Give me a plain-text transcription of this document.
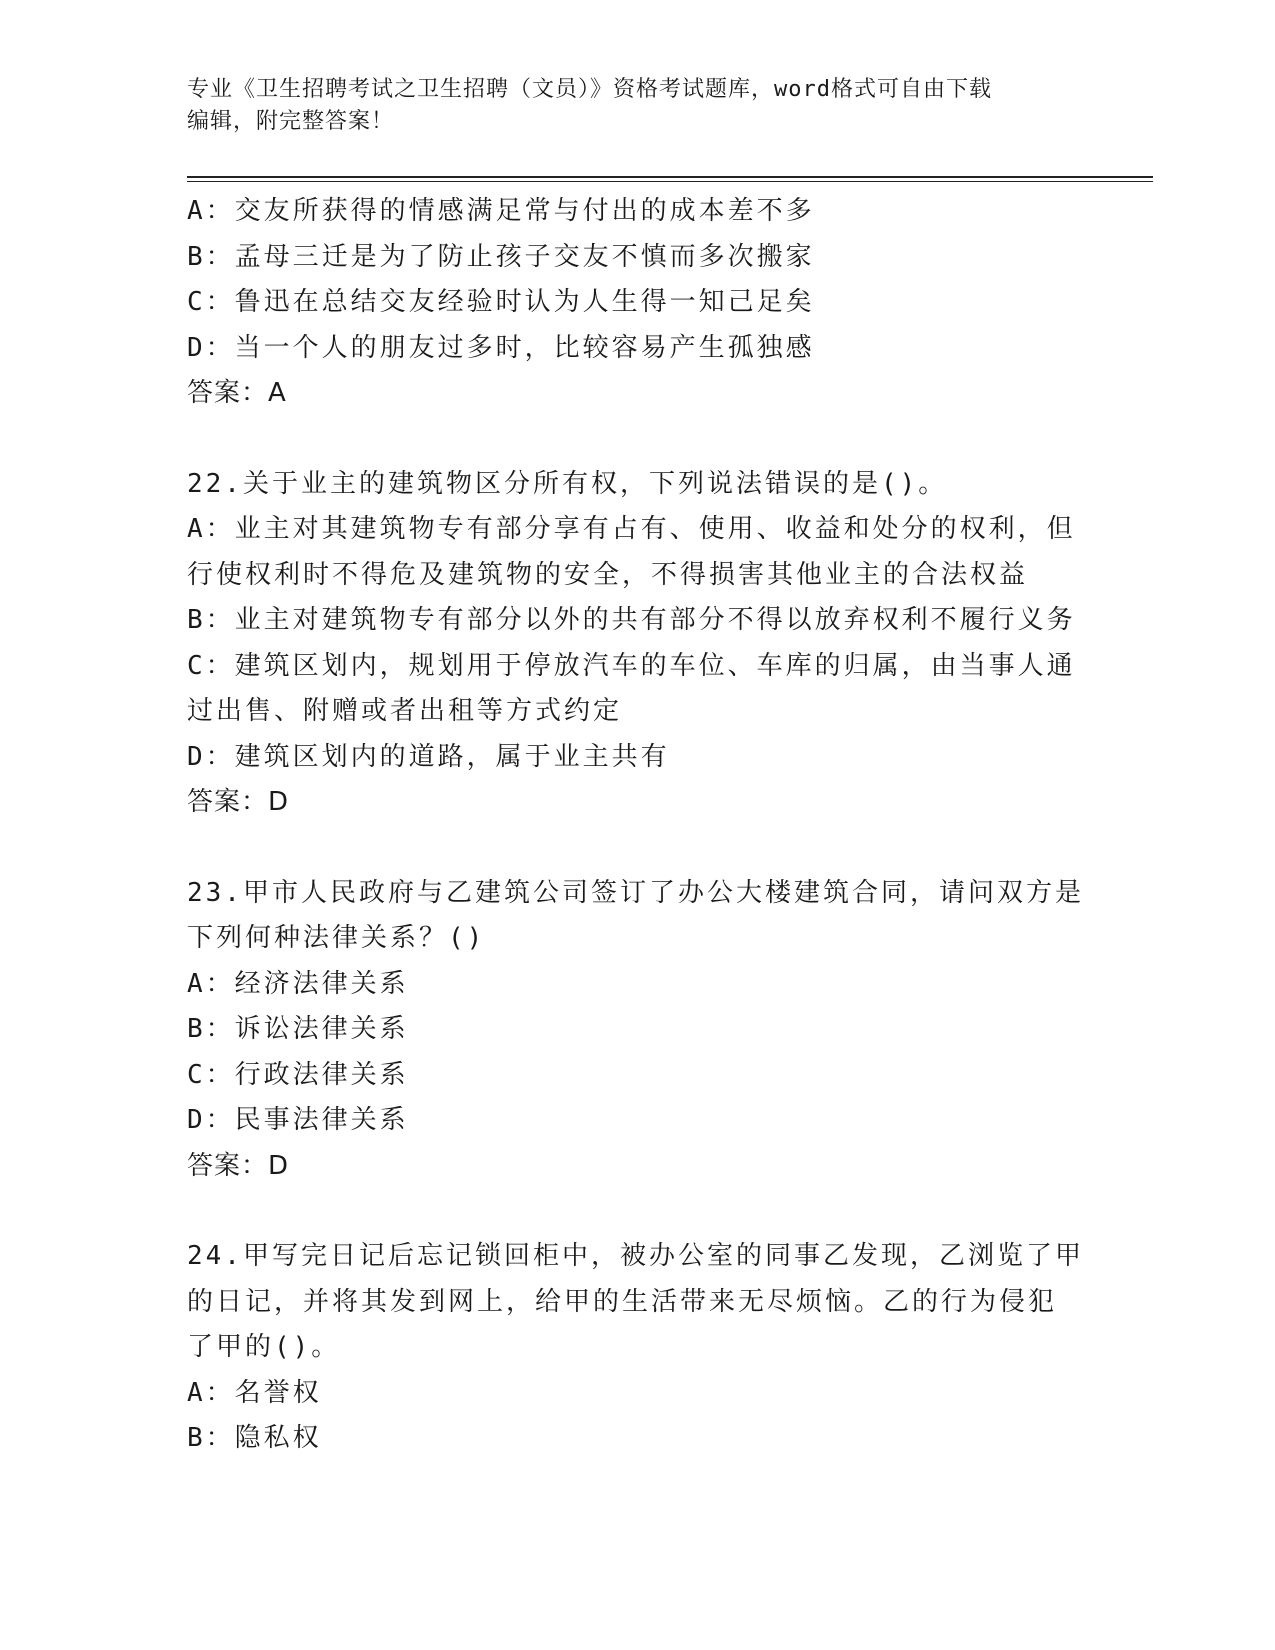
专业《卫生招聘考试之卫生招聘（文员）》资格考试题库，word格式可自由下载
编辑，附完整答案！
A：交友所获得的情感满足常与付出的成本差不多
B：孟母三迁是为了防止孩子交友不慎而多次搬家
C：鲁迅在总结交友经验时认为人生得一知己足矣
D：当一个人的朋友过多时，比较容易产生孤独感
答案：A
22.关于业主的建筑物区分所有权，下列说法错误的是()。
A：业主对其建筑物专有部分享有占有、使用、收益和处分的权利，但
行使权利时不得危及建筑物的安全，不得损害其他业主的合法权益
B：业主对建筑物专有部分以外的共有部分不得以放弃权利不履行义务
C：建筑区划内，规划用于停放汽车的车位、车库的归属，由当事人通
过出售、附赠或者出租等方式约定
D：建筑区划内的道路，属于业主共有
答案：D
23.甲市人民政府与乙建筑公司签订了办公大楼建筑合同，请问双方是
下列何种法律关系？()
A：经济法律关系
B：诉讼法律关系
C：行政法律关系
D：民事法律关系
答案：D
24.甲写完日记后忘记锁回柜中，被办公室的同事乙发现，乙浏览了甲
的日记，并将其发到网上，给甲的生活带来无尽烦恼。乙的行为侵犯
了甲的()。
A：名誉权
B：隐私权
